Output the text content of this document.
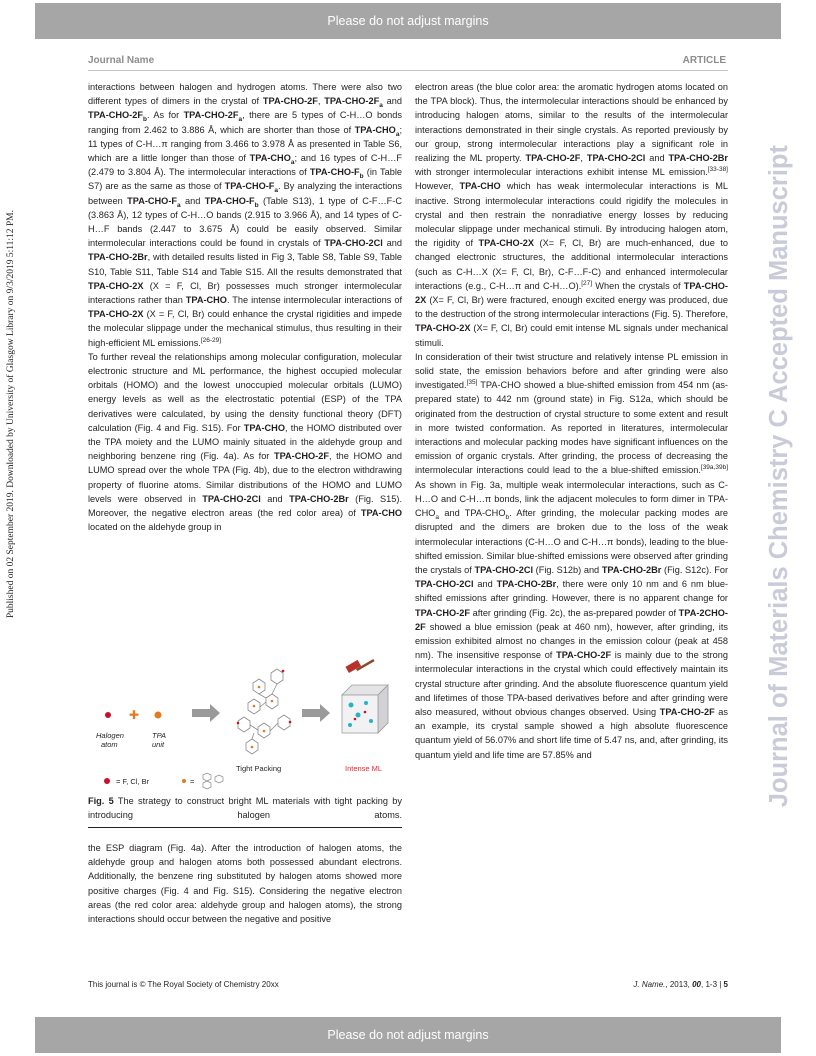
Please do not adjust margins
Journal Name	ARTICLE
Published on 02 September 2019. Downloaded by University of Glasgow Library on 9/3/2019 5:11:12 PM.	Journal of Materials Chemistry C Accepted Manuscript

interactions between halogen and hydrogen atoms. There were also two different types of dimers in the crystal of TPA-CHO-2F, TPA-$CHO-2F_a$ and TPA-$CHO-2F_b$. As for TPA-$CHO-2F_a$, there are 5 types of C-H…O bonds ranging from 2.462 to 3.886 Å, which are shorter than those of TPA-$CHO_a$; 11 types of C-H…π ranging from 3.466 to 3.978 Å as presented in Table S6, which are a little longer than those of TPA-$CHO_a$; and 16 types of C-H…F (2.479 to 3.804 Å). The intermolecular interactions of TPA-$CHO-F_b$ (in Table S7) are as the same as those of TPA-$CHO-F_a$. By analyzing the interactions between TPA-$CHO-F_a$ and TPA-$CHO-F_b$ (Table S13), 1 type of C-F…F-C (3.863 Å), 12 types of C-H…O bands (2.915 to 3.966 Å), and 14 types of C-H…F bands (2.447 to 3.675 Å) could be easily observed. Similar intermolecular interactions could be found in crystals of TPA-CHO-2Cl and TPA-CHO-2Br, with detailed results listed in Fig 3, Table S8, Table S9, Table S10, Table S11, Table S14 and Table S15. All the results demonstrated that TPA-CHO-2X (X = F, Cl, Br) possesses much stronger intermolecular interactions rather than TPA-CHO. The intense intermolecular interactions of TPA-CHO-2X (X = F, Cl, Br) could enhance the crystal rigidities and impede the molecular slippage under the mechanical stimulus, thus resulting in their high-efficient ML emissions.[26-29]

To further reveal the relationships among molecular configuration, molecular electronic structure and ML performance, the highest occupied molecular orbitals (HOMO) and the lowest unoccupied molecular orbitals (LUMO) energy levels as well as the electrostatic potential (ESP) of the TPA derivatives were calculated, by using the density functional theory (DFT) calculation (Fig. 4 and Fig. S15). For TPA-CHO, the HOMO distributed over the TPA moiety and the LUMO mainly situated in the aldehyde group and neighboring benzene ring (Fig. 4a). As for TPA-CHO-2F, the HOMO and LUMO spread over the whole TPA (Fig. 4b), due to the electron withdrawing property of fluorine atoms. Similar distributions of the HOMO and LUMO levels were observed in TPA-CHO-2Cl and TPA-CHO-2Br (Fig. S15). Moreover, the negative electron areas (the red color area) of TPA-CHO located on the aldehyde group in

✚
Halogen
atom
TPA
unit
Tight Packing	Intense ML
= F, Cl, Br	=

Fig. 5 The strategy to construct bright ML materials with tight packing by introducing halogen atoms.

the ESP diagram (Fig. 4a). After the introduction of halogen atoms, the aldehyde group and halogen atoms both possessed abundant electrons. Additionally, the benzene ring substituted by halogen atoms showed more positive charges (Fig. 4 and Fig. S15). Considering the negative electron areas (the red color area: aldehyde group and halogen atoms), the strong interactions should occur between the negative and positive

electron areas (the blue color area: the aromatic hydrogen atoms located on the TPA block). Thus, the intermolecular interactions should be enhanced by introducing halogen atoms, similar to the results of the intermolecular interactions demonstrated in their single crystals. As reported previously by our group, strong intermolecular interactions play a significant role in realizing the ML property. TPA-CHO-2F, TPA-CHO-2Cl and TPA-CHO-2Br with stronger intermolecular interactions exhibit intense ML emission.[33-38] However, TPA-CHO which has weak intermolecular interactions is ML inactive. Strong intermolecular interactions could rigidify the molecules in crystal and then restrain the nonradiative energy losses by reducing molecular slippage under mechanical stimuli. By introducing halogen atom, the rigidity of TPA-CHO-2X (X= F, Cl, Br) are much-enhanced, due to changed electronic structures, the additional intermolecular interactions (such as C-H…X (X= F, Cl, Br), C-F…F-C) and enhanced intermolecular interactions (e.g., C-H…π and C-H…O).[27] When the crystals of TPA-CHO-2X (X= F, Cl, Br) were fractured, enough excited energy was produced, due to the destruction of the strong intermolecular interactions (Fig. 5). Therefore, TPA-CHO-2X (X= F, Cl, Br) could emit intense ML signals under mechanical stimuli.

In consideration of their twist structure and relatively intense PL emission in solid state, the emission behaviors before and after grinding were also investigated.[35] TPA-CHO showed a blue-shifted emission from 454 nm (as-prepared state) to 442 nm (ground state) in Fig. S12a, which should be originated from the destruction of crystal structure to some extent and result in more twisted conformation. As reported in literatures, intermolecular interactions and molecular packing modes have significant influences on the emission of organic crystals. After grinding, the process of decreasing the intermolecular interactions could lead to the a blue-shifted emission.[39a,39b] As shown in Fig. 3a, multiple weak intermolecular interactions, such as C-H…O and C-H…π bonds, link the adjacent molecules to form dimer in TPA-$CHO_a$ and TPA-$CHO_b$. After grinding, the molecular packing modes are disrupted and the dimers are broken due to the loss of the weak intermolecular interactions (C-H…O and C-H…π bonds), leading to the blue-shifted emission. Similar blue-shifted emissions were observed after grinding the crystals of TPA-CHO-2Cl (Fig. S12b) and TPA-CHO-2Br (Fig. S12c). For TPA-CHO-2Cl and TPA-CHO-2Br, there were only 10 nm and 6 nm blue-shifted emissions after grinding. However, there is no apparent change for TPA-CHO-2F after grinding (Fig. 2c), the as-prepared powder of TPA-2CHO-2F showed a blue emission (peak at 460 nm), however, after grinding, its emission exhibited almost no changes in the emission colour (peak at 458 nm). The insensitive response of TPA-CHO-2F is mainly due to the strong intermolecular interactions in the crystal which could effectively maintain its crystal structure after grinding. And the absolute fluorescence quantum yield and lifetimes of those TPA-based derivatives before and after grinding were also measured, without obvious changes observed. Using TPA-CHO-2F as an example, its crystal sample showed a high absolute fluorescence quantum yield of 56.07% and short life time of 5.47 ns, and, after grinding, its quantum yield and life time are 57.85% and

This journal is © The Royal Society of Chemistry 20xx	J. Name., 2013, 00, 1-3 | 5
Please do not adjust margins
